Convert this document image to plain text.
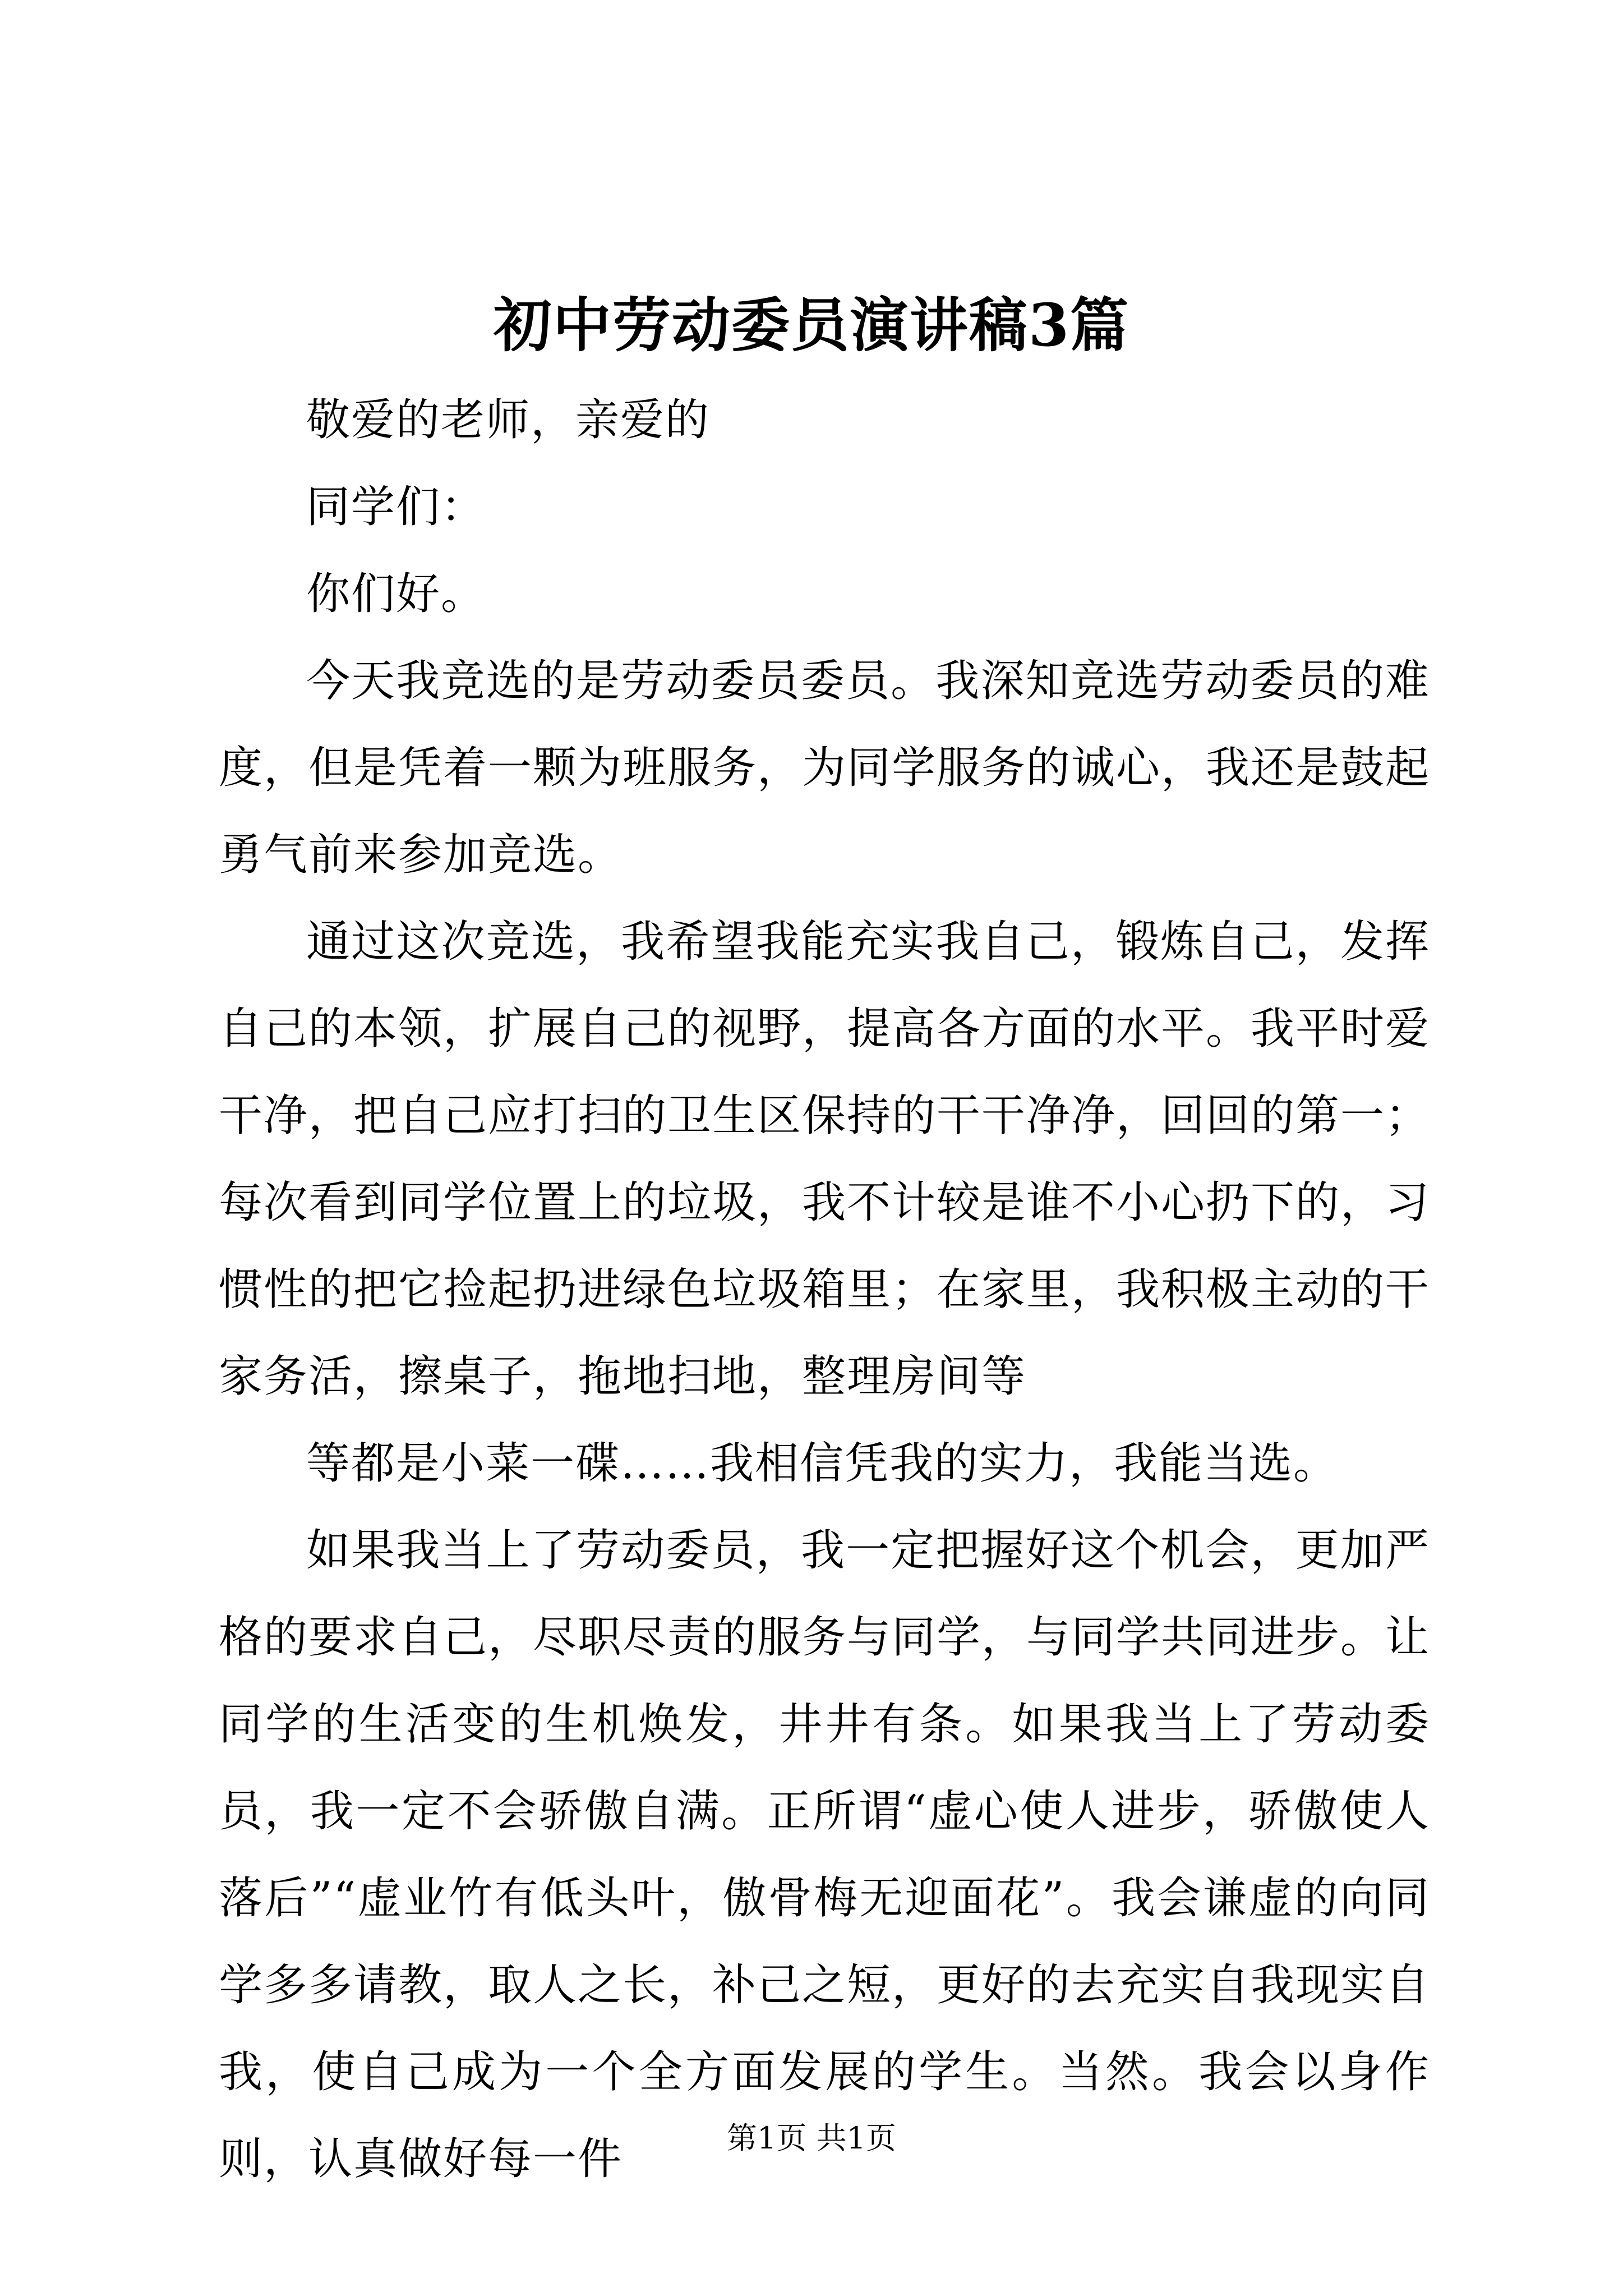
初中劳动委员演讲稿3篇

敬爱的老师，亲爱的

同学们：

你们好。

今天我竞选的是劳动委员委员。我深知竞选劳动委员的难度，但是凭着一颗为班服务，为同学服务的诚心，我还是鼓起勇气前来参加竞选。

通过这次竞选，我希望我能充实我自己，锻炼自己，发挥自己的本领，扩展自己的视野，提高各方面的水平。我平时爱干净，把自己应打扫的卫生区保持的干干净净，回回的第一；每次看到同学位置上的垃圾，我不计较是谁不小心扔下的，习惯性的把它捡起扔进绿色垃圾箱里；在家里，我积极主动的干家务活，擦桌子，拖地扫地，整理房间等

等都是小菜一碟……我相信凭我的实力，我能当选。

如果我当上了劳动委员，我一定把握好这个机会，更加严格的要求自己，尽职尽责的服务与同学，与同学共同进步。让同学的生活变的生机焕发，井井有条。如果我当上了劳动委员，我一定不会骄傲自满。正所谓“虚心使人进步，骄傲使人落后”“虚业竹有低头叶，傲骨梅无迎面花”。我会谦虚的向同学多多请教，取人之长，补己之短，更好的去充实自我现实自我，使自己成为一个全方面发展的学生。当然。我会以身作则，认真做好每一件	第1页 共1页
